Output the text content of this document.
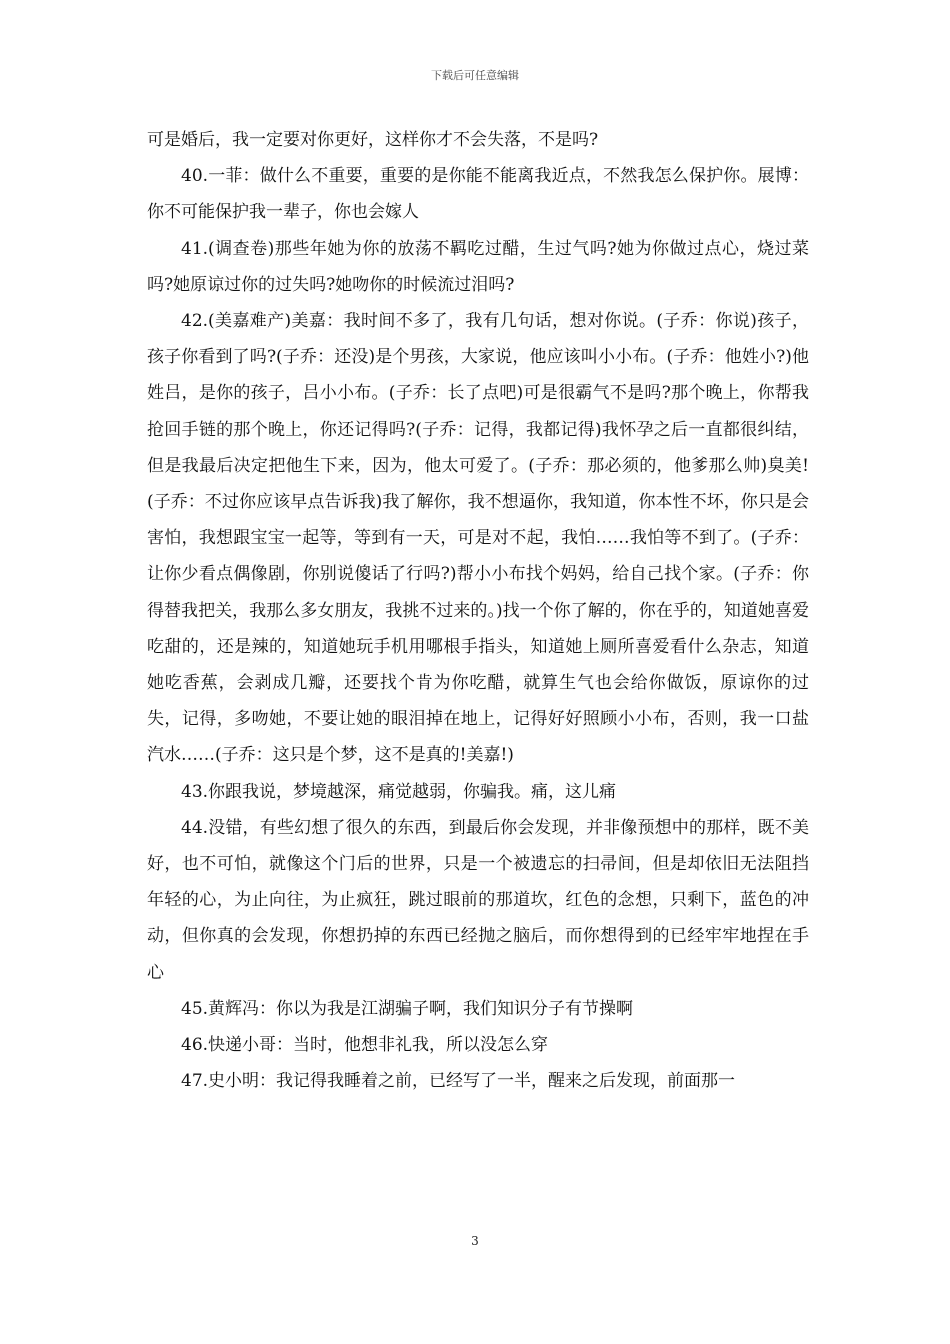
下载后可任意编辑

可是婚后，我一定要对你更好，这样你才不会失落，不是吗?

40.一菲：做什么不重要，重要的是你能不能离我近点，不然我怎么保护你。展博：你不可能保护我一辈子，你也会嫁人

41.(调查卷)那些年她为你的放荡不羁吃过醋，生过气吗?她为你做过点心，烧过菜吗?她原谅过你的过失吗?她吻你的时候流过泪吗?

42.(美嘉难产)美嘉：我时间不多了，我有几句话，想对你说。(子乔：你说)孩子，孩子你看到了吗?(子乔：还没)是个男孩，大家说，他应该叫小小布。(子乔：他姓小?)他姓吕，是你的孩子，吕小小布。(子乔：长了点吧)可是很霸气不是吗?那个晚上，你帮我抢回手链的那个晚上，你还记得吗?(子乔：记得，我都记得)我怀孕之后一直都很纠结，但是我最后决定把他生下来，因为，他太可爱了。(子乔：那必须的，他爹那么帅)臭美!(子乔：不过你应该早点告诉我)我了解你，我不想逼你，我知道，你本性不坏，你只是会害怕，我想跟宝宝一起等，等到有一天，可是对不起，我怕……我怕等不到了。(子乔：让你少看点偶像剧，你别说傻话了行吗?)帮小小布找个妈妈，给自己找个家。(子乔：你得替我把关，我那么多女朋友，我挑不过来的。)找一个你了解的，你在乎的，知道她喜爱吃甜的，还是辣的，知道她玩手机用哪根手指头，知道她上厕所喜爱看什么杂志，知道她吃香蕉，会剥成几瓣，还要找个肯为你吃醋，就算生气也会给你做饭，原谅你的过失，记得，多吻她，不要让她的眼泪掉在地上，记得好好照顾小小布，否则，我一口盐汽水……(子乔：这只是个梦，这不是真的!美嘉!)

43.你跟我说，梦境越深，痛觉越弱，你骗我。痛，这儿痛

44.没错，有些幻想了很久的东西，到最后你会发现，并非像预想中的那样，既不美好，也不可怕，就像这个门后的世界，只是一个被遗忘的扫帚间，但是却依旧无法阻挡年轻的心，为止向往，为止疯狂，跳过眼前的那道坎，红色的念想，只剩下，蓝色的冲动，但你真的会发现，你想扔掉的东西已经抛之脑后，而你想得到的已经牢牢地捏在手心

45.黄辉冯：你以为我是江湖骗子啊，我们知识分子有节操啊

46.快递小哥：当时，他想非礼我，所以没怎么穿

47.史小明：我记得我睡着之前，已经写了一半，醒来之后发现，前面那一

3
